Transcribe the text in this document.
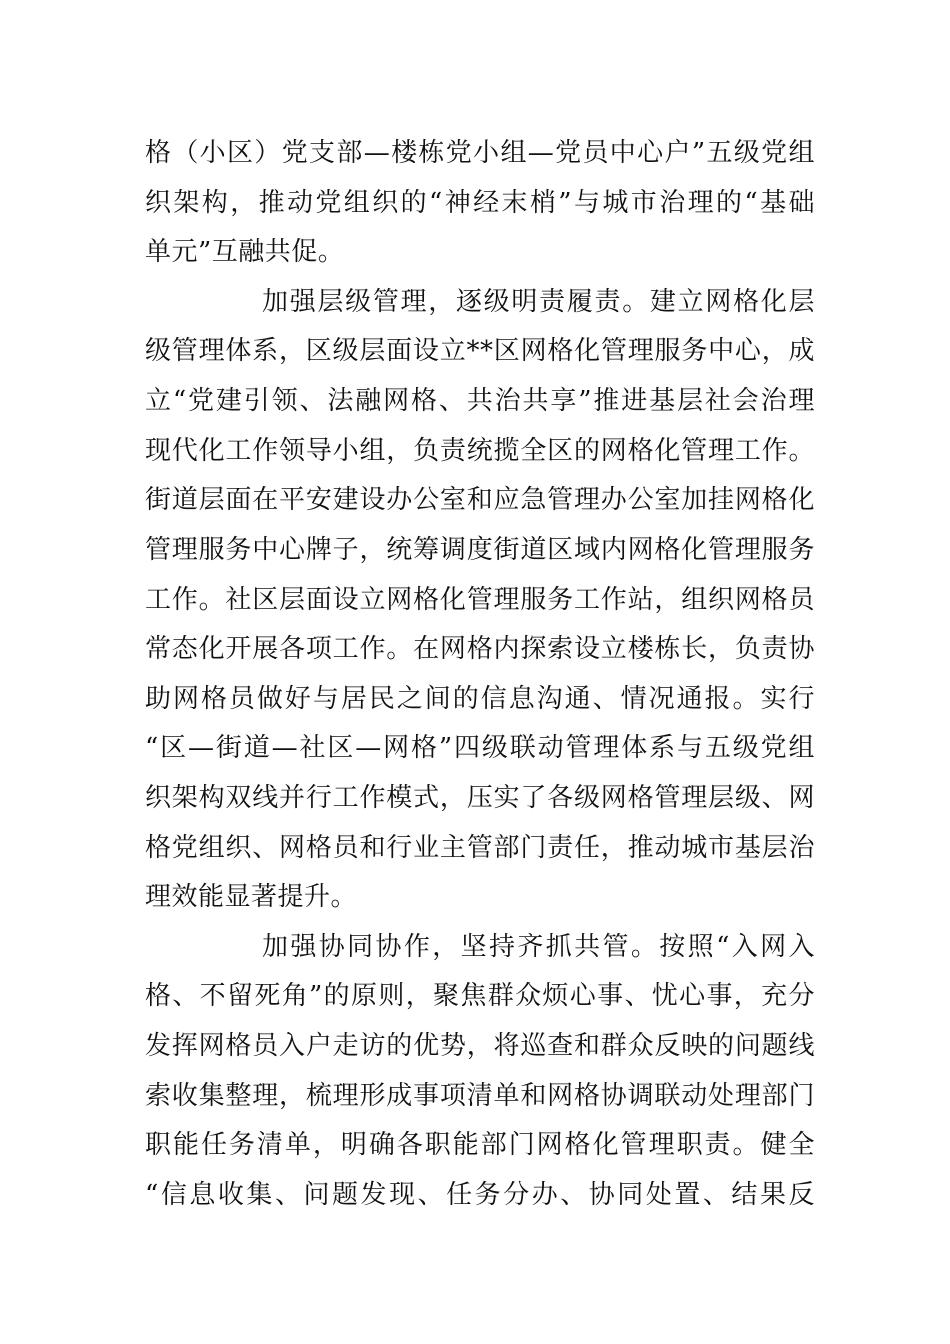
格（小区）党支部—楼栋党小组—党员中心户”五级党组
织架构，推动党组织的“神经末梢”与城市治理的“基础
单元”互融共促。
加强层级管理，逐级明责履责。建立网格化层
级管理体系，区级层面设立**区网格化管理服务中心，成
立“党建引领、法融网格、共治共享”推进基层社会治理
现代化工作领导小组，负责统揽全区的网格化管理工作。
街道层面在平安建设办公室和应急管理办公室加挂网格化
管理服务中心牌子，统筹调度街道区域内网格化管理服务
工作。社区层面设立网格化管理服务工作站，组织网格员
常态化开展各项工作。在网格内探索设立楼栋长，负责协
助网格员做好与居民之间的信息沟通、情况通报。实行
“区—街道—社区—网格”四级联动管理体系与五级党组
织架构双线并行工作模式，压实了各级网格管理层级、网
格党组织、网格员和行业主管部门责任，推动城市基层治
理效能显著提升。
加强协同协作，坚持齐抓共管。按照“入网入
格、不留死角”的原则，聚焦群众烦心事、忧心事，充分
发挥网格员入户走访的优势，将巡查和群众反映的问题线
索收集整理，梳理形成事项清单和网格协调联动处理部门
职能任务清单，明确各职能部门网格化管理职责。健全
“信息收集、问题发现、任务分办、协同处置、结果反
